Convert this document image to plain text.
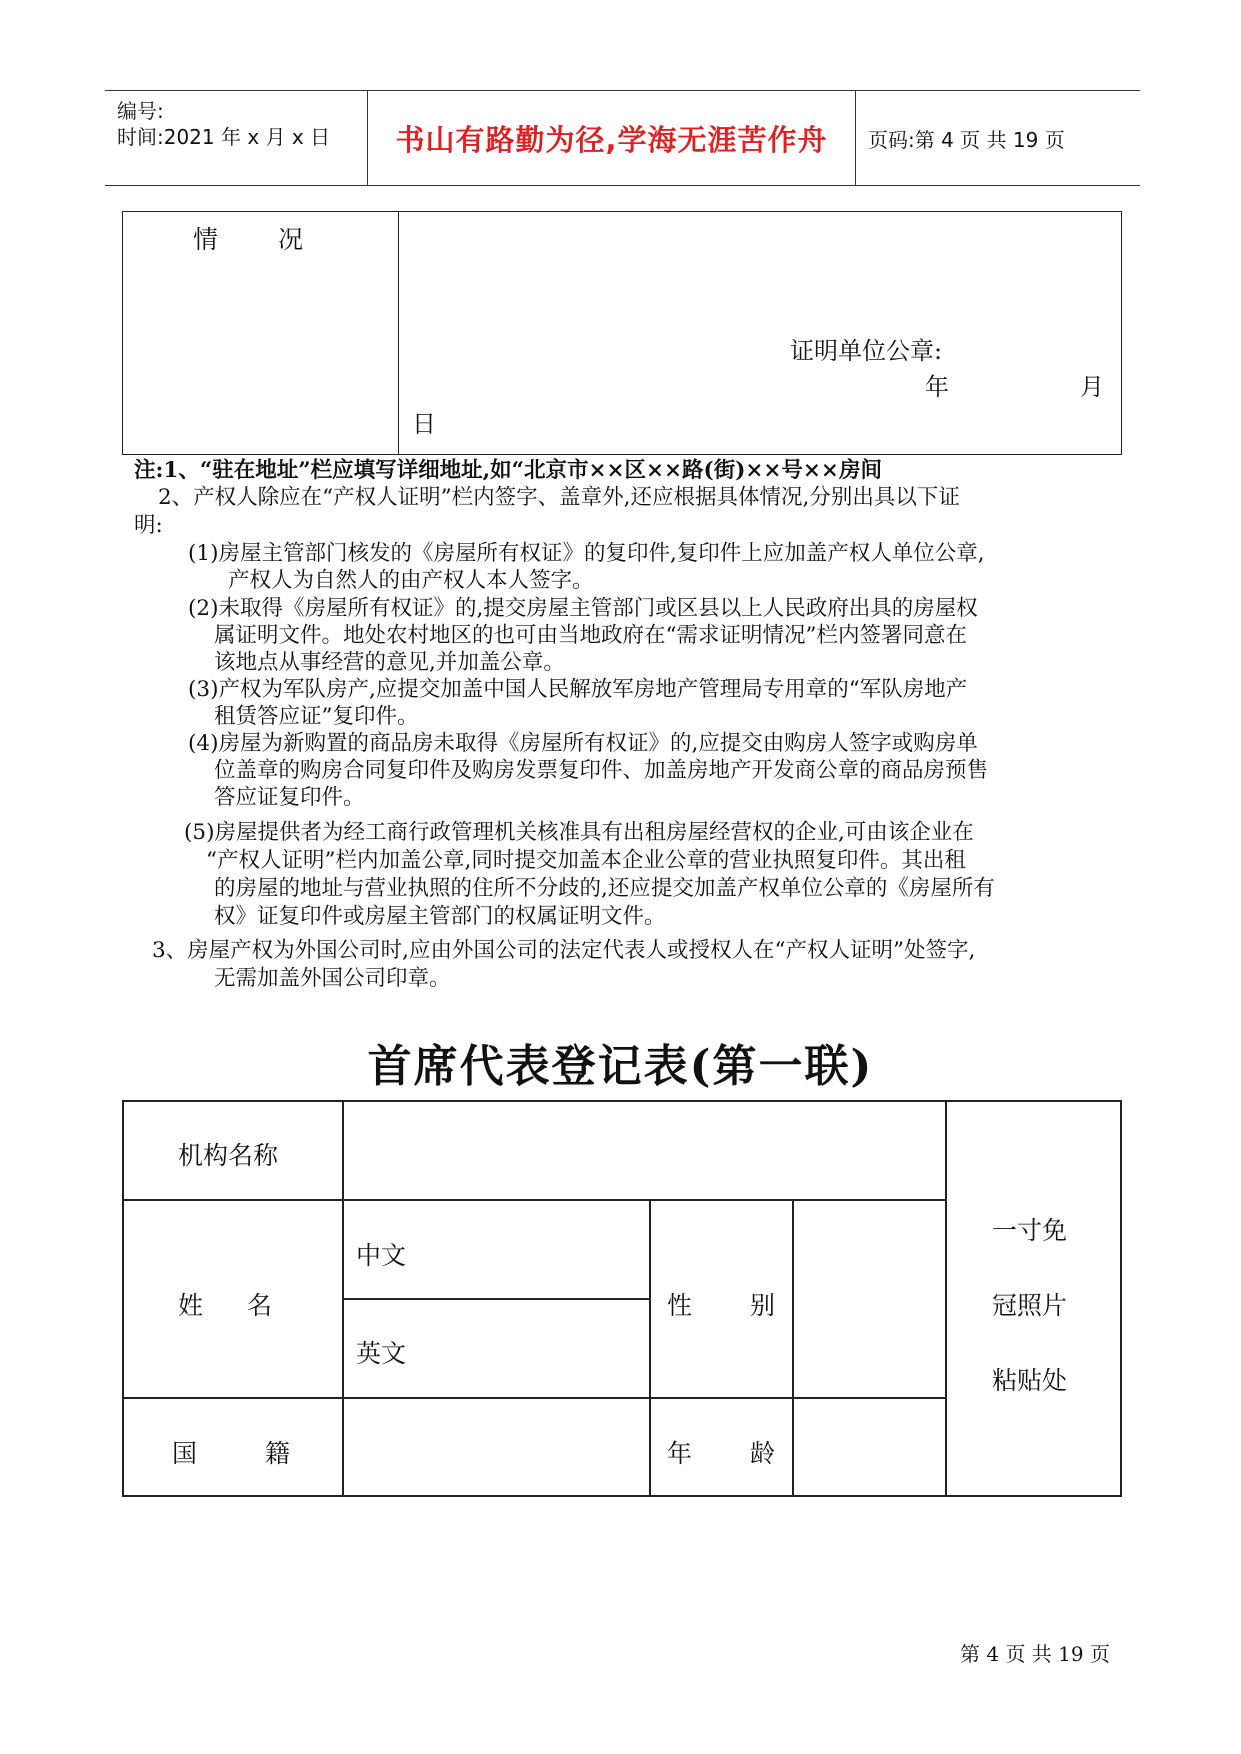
编号:
时间:2021 年 x 月 x 日 书山有路勤为径,学海无涯苦作舟 页码:第 4 页 共 19 页
情况
证明单位公章:
年	月
日
注:1、“驻在地址”栏应填写详细地址,如“北京市××区××路(街)××号××房间
2、产权人除应在“产权人证明”栏内签字、盖章外,还应根据具体情况,分别出具以下证
明:
(1)房屋主管部门核发的《房屋所有权证》的复印件,复印件上应加盖产权人单位公章,
产权人为自然人的由产权人本人签字。
(2)未取得《房屋所有权证》的,提交房屋主管部门或区县以上人民政府出具的房屋权
属证明文件。地处农村地区的也可由当地政府在“需求证明情况”栏内签署同意在
该地点从事经营的意见,并加盖公章。
(3)产权为军队房产,应提交加盖中国人民解放军房地产管理局专用章的“军队房地产
租赁答应证”复印件。
(4)房屋为新购置的商品房未取得《房屋所有权证》的,应提交由购房人签字或购房单
位盖章的购房合同复印件及购房发票复印件、加盖房地产开发商公章的商品房预售
答应证复印件。
(5)房屋提供者为经工商行政管理机关核准具有出租房屋经营权的企业,可由该企业在
“产权人证明”栏内加盖公章,同时提交加盖本企业公章的营业执照复印件。其出租
的房屋的地址与营业执照的住所不分歧的,还应提交加盖产权单位公章的《房屋所有
权》证复印件或房屋主管部门的权属证明文件。
3、房屋产权为外国公司时,应由外国公司的法定代表人或授权人在“产权人证明”处签字,
无需加盖外国公司印章。
首席代表登记表(第一联)
机构名称
姓名
中文
英文
性别
国籍	年龄
一寸免
冠照片
粘贴处
第 4 页 共 19 页
